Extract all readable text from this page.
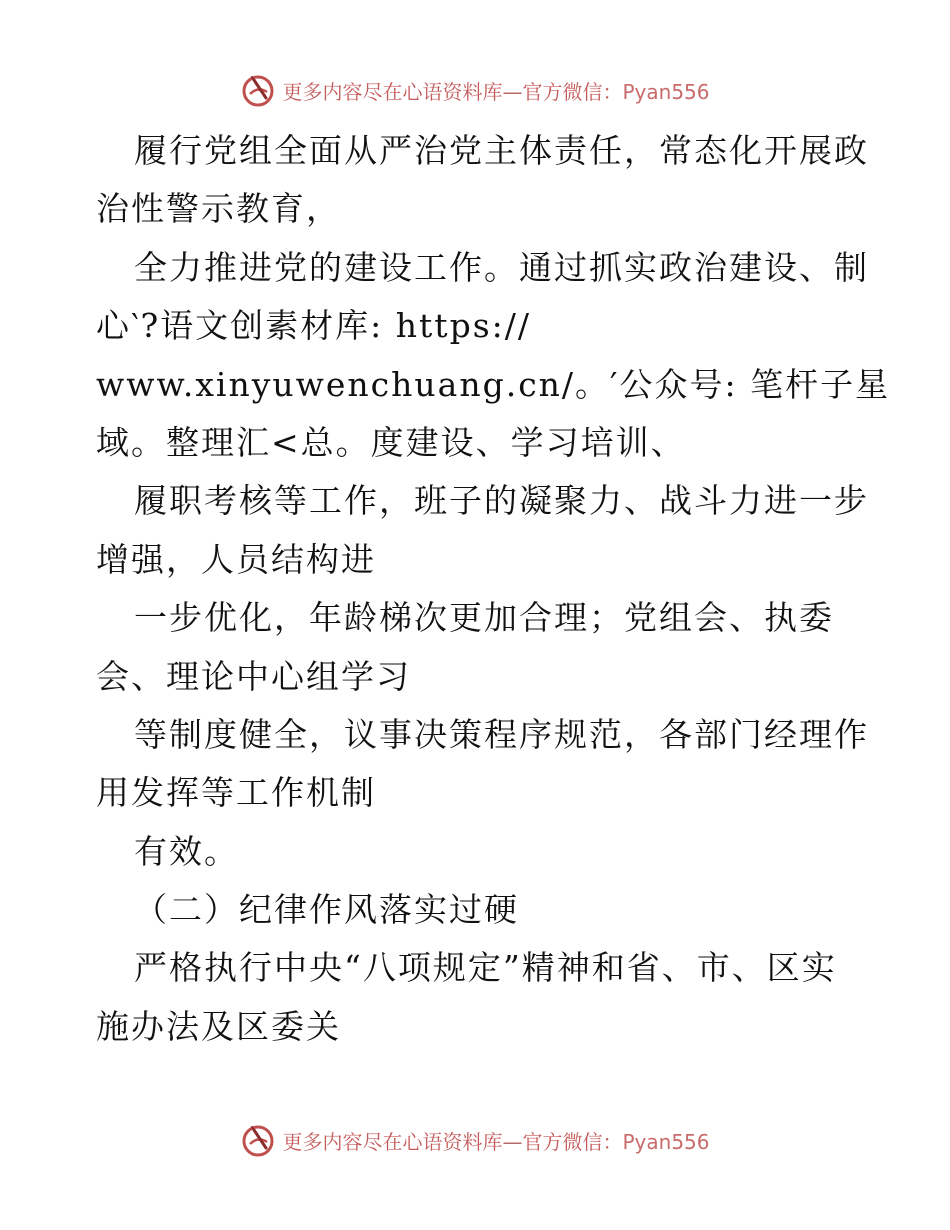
更多内容尽在心语资料库—官方微信：Pyan556
履行党组全面从严治党主体责任，常态化开展政
治性警示教育，
全力推进党的建设工作。通过抓实政治建设、制
心‵?语文创素材库: https://
www.xinyuwenchuang.cn/。′公众号: 笔杆子星
域。整理汇<总。度建设、学习培训、
履职考核等工作，班子的凝聚力、战斗力进一步
增强，人员结构进
一步优化，年龄梯次更加合理；党组会、执委
会、理论中心组学习
等制度健全，议事决策程序规范，各部门经理作
用发挥等工作机制
有效。
（二）纪律作风落实过硬
严格执行中央“八项规定”精神和省、市、区实
施办法及区委关
更多内容尽在心语资料库—官方微信：Pyan556
